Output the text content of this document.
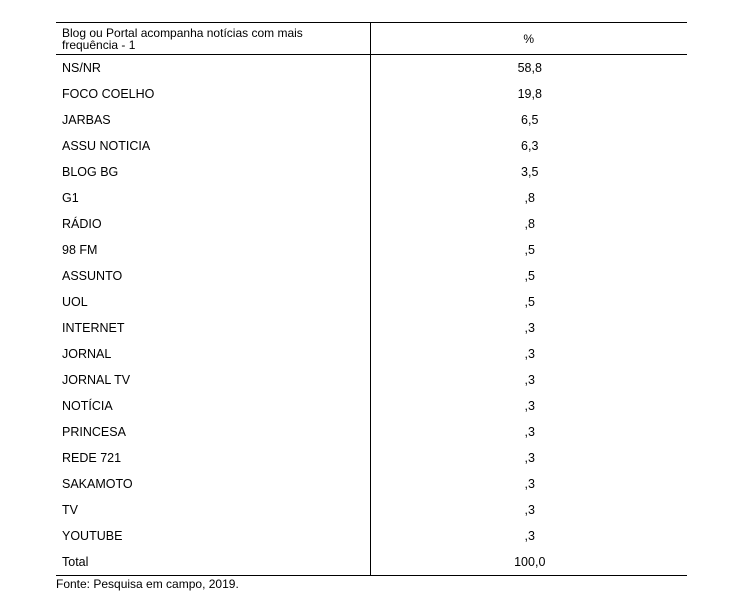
Blog ou Portal acompanha notícias com mais frequência - 1	%
NS/NR	58,8
FOCO COELHO	19,8
JARBAS	6,5
ASSU NOTICIA	6,3
BLOG BG	3,5
G1	,8
RÁDIO	,8
98 FM	,5
ASSUNTO	,5
UOL	,5
INTERNET	,3
JORNAL	,3
JORNAL TV	,3
NOTÍCIA	,3
PRINCESA	,3
REDE 721	,3
SAKAMOTO	,3
TV	,3
YOUTUBE	,3
Total	100,0
Fonte: Pesquisa em campo, 2019.
